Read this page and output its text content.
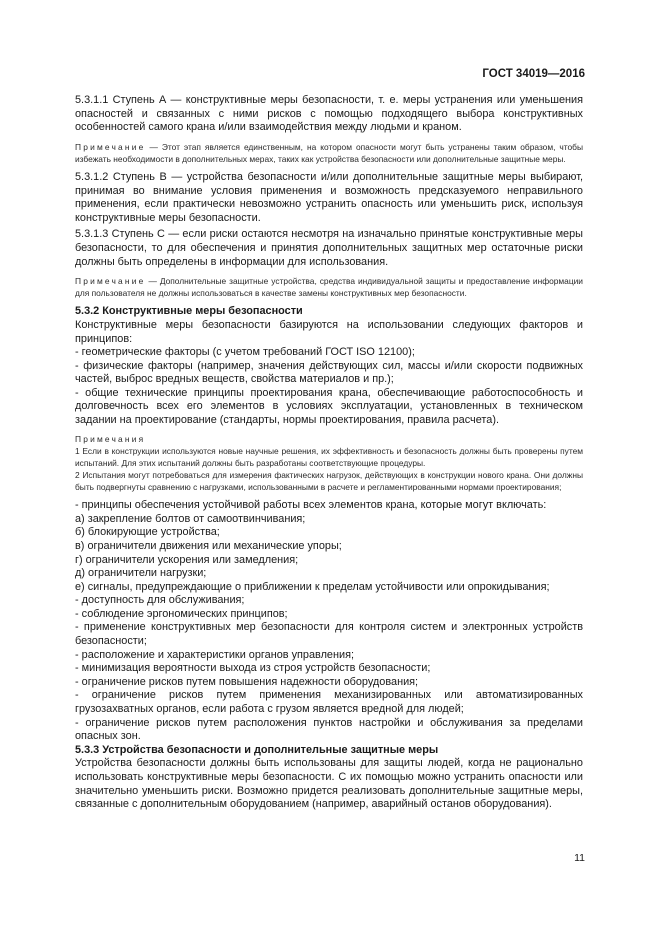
ГОСТ 34019—2016

5.3.1.1 Ступень А — конструктивные меры безопасности, т. е. меры устранения или уменьшения опасностей и связанных с ними рисков с помощью подходящего выбора конструктивных особенностей самого крана и/или взаимодействия между людьми и краном.

Примечание — Этот этап является единственным, на котором опасности могут быть устранены таким образом, чтобы избежать необходимости в дополнительных мерах, таких как устройства безопасности или дополнительные защитные меры.

5.3.1.2 Ступень В — устройства безопасности и/или дополнительные защитные меры выбирают, принимая во внимание условия применения и возможность предсказуемого неправильного применения, если практически невозможно устранить опасность или уменьшить риск, используя конструктивные меры безопасности.

5.3.1.3 Ступень С — если риски остаются несмотря на изначально принятые конструктивные меры безопасности, то для обеспечения и принятия дополнительных защитных мер остаточные риски должны быть определены в информации для использования.

Примечание — Дополнительные защитные устройства, средства индивидуальной защиты и предоставление информации для пользователя не должны использоваться в качестве замены конструктивных мер безопасности.

5.3.2 Конструктивные меры безопасности

Конструктивные меры безопасности базируются на использовании следующих факторов и принципов:

- геометрические факторы (с учетом требований ГОСТ ISO 12100);

- физические факторы (например, значения действующих сил, массы и/или скорости подвижных частей, выброс вредных веществ, свойства материалов и пр.);

- общие технические принципы проектирования крана, обеспечивающие работоспособность и долговечность всех его элементов в условиях эксплуатации, установленных в техническом задании на проектирование (стандарты, нормы проектирования, правила расчета).

Примечания

1 Если в конструкции используются новые научные решения, их эффективность и безопасность должны быть проверены путем испытаний. Для этих испытаний должны быть разработаны соответствующие процедуры.

2 Испытания могут потребоваться для измерения фактических нагрузок, действующих в конструкции нового крана. Они должны быть подвергнуты сравнению с нагрузками, использованными в расчете и регламентированными нормами проектирования;

- принципы обеспечения устойчивой работы всех элементов крана, которые могут включать:

а) закрепление болтов от самоотвинчивания;

б) блокирующие устройства;

в) ограничители движения или механические упоры;

г) ограничители ускорения или замедления;

д) ограничители нагрузки;

е) сигналы, предупреждающие о приближении к пределам устойчивости или опрокидывания;

- доступность для обслуживания;

- соблюдение эргономических принципов;

- применение конструктивных мер безопасности для контроля систем и электронных устройств безопасности;

- расположение и характеристики органов управления;

- минимизация вероятности выхода из строя устройств безопасности;

- ограничение рисков путем повышения надежности оборудования;

- ограничение рисков путем применения механизированных или автоматизированных грузозахватных органов, если работа с грузом является вредной для людей;

- ограничение рисков путем расположения пунктов настройки и обслуживания за пределами опасных зон.

5.3.3 Устройства безопасности и дополнительные защитные меры

Устройства безопасности должны быть использованы для защиты людей, когда не рационально использовать конструктивные меры безопасности. С их помощью можно устранить опасности или значительно уменьшить риски. Возможно придется реализовать дополнительные защитные меры, связанные с дополнительным оборудованием (например, аварийный останов оборудования).

11
